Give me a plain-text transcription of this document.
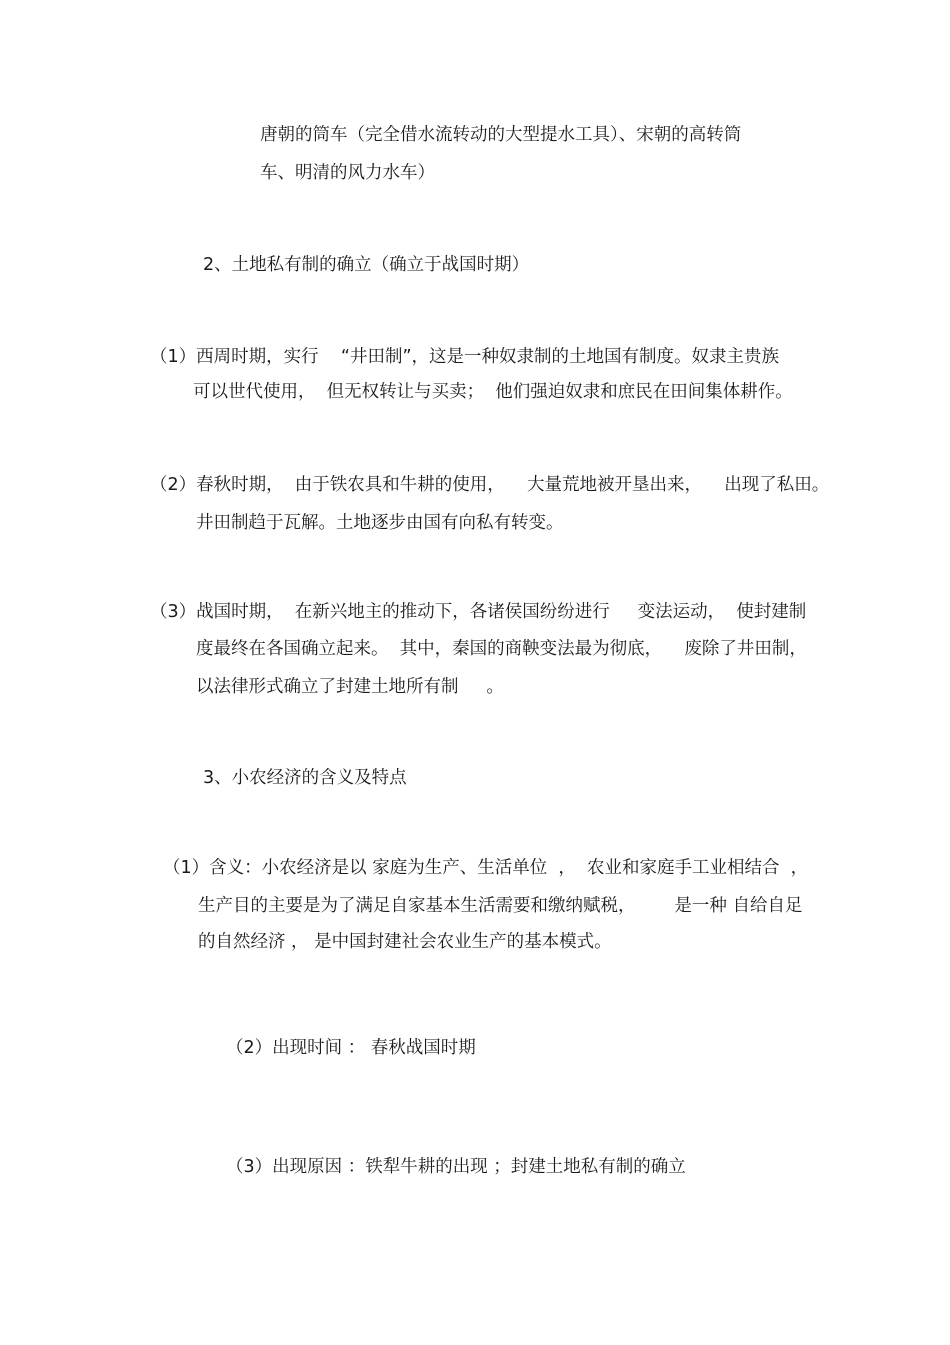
唐朝的筒车（完全借水流转动的大型提水工具）、宋朝的高转筒
车、明清的风力水车）
2、土地私有制的确立（确立于战国时期）
（1）西周时期，实行    “井田制”，这是一种奴隶制的土地国有制度。奴隶主贵族
可以世代使用，  但无权转让与买卖；  他们强迫奴隶和庶民在田间集体耕作。
（2）春秋时期，  由于铁农具和牛耕的使用，    大量荒地被开垦出来，    出现了私田。
井田制趋于瓦解。土地逐步由国有向私有转变。
（3）战国时期，  在新兴地主的推动下，各诸侯国纷纷进行     变法运动，  使封建制
度最终在各国确立起来。  其中，秦国的商鞅变法最为彻底，    废除了井田制，
以法律形式确立了封建土地所有制     。
3、小农经济的含义及特点
（1）含义：小农经济是以 家庭为生产、生活单位  ，  农业和家庭手工业相结合  ，
生产目的主要是为了满足自家基本生活需要和缴纳赋税，       是一种 自给自足
的自然经济 ， 是中国封建社会农业生产的基本模式。
（2）出现时间 ： 春秋战国时期
（3）出现原因 ：铁犁牛耕的出现 ；封建土地私有制的确立
